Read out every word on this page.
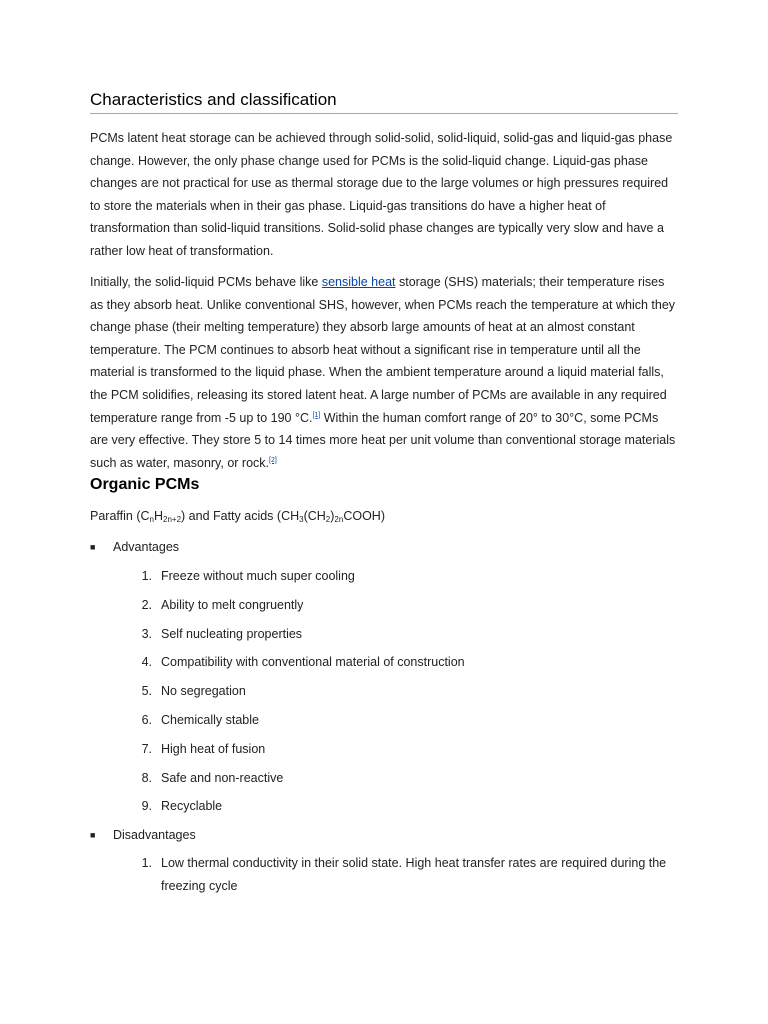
Characteristics and classification

PCMs latent heat storage can be achieved through solid-solid, solid-liquid, solid-gas and liquid-gas phase change. However, the only phase change used for PCMs is the solid-liquid change. Liquid-gas phase changes are not practical for use as thermal storage due to the large volumes or high pressures required to store the materials when in their gas phase. Liquid-gas transitions do have a higher heat of transformation than solid-liquid transitions. Solid-solid phase changes are typically very slow and have a rather low heat of transformation.

Initially, the solid-liquid PCMs behave like sensible heat storage (SHS) materials; their temperature rises as they absorb heat. Unlike conventional SHS, however, when PCMs reach the temperature at which they change phase (their melting temperature) they absorb large amounts of heat at an almost constant temperature. The PCM continues to absorb heat without a significant rise in temperature until all the material is transformed to the liquid phase. When the ambient temperature around a liquid material falls, the PCM solidifies, releasing its stored latent heat. A large number of PCMs are available in any required temperature range from -5 up to 190 °C.[1] Within the human comfort range of 20° to 30°C, some PCMs are very effective. They store 5 to 14 times more heat per unit volume than conventional storage materials such as water, masonry, or rock.[2]

Organic PCMs

Paraffin $(C_nH_{2n+2})$ and Fatty acids $(CH_3(CH_2)_{2n}COOH)$

■ Advantages
1. Freeze without much super cooling
2. Ability to melt congruently
3. Self nucleating properties
4. Compatibility with conventional material of construction
5. No segregation
6. Chemically stable
7. High heat of fusion
8. Safe and non-reactive
9. Recyclable
■ Disadvantages
1. Low thermal conductivity in their solid state. High heat transfer rates are required during the freezing cycle
